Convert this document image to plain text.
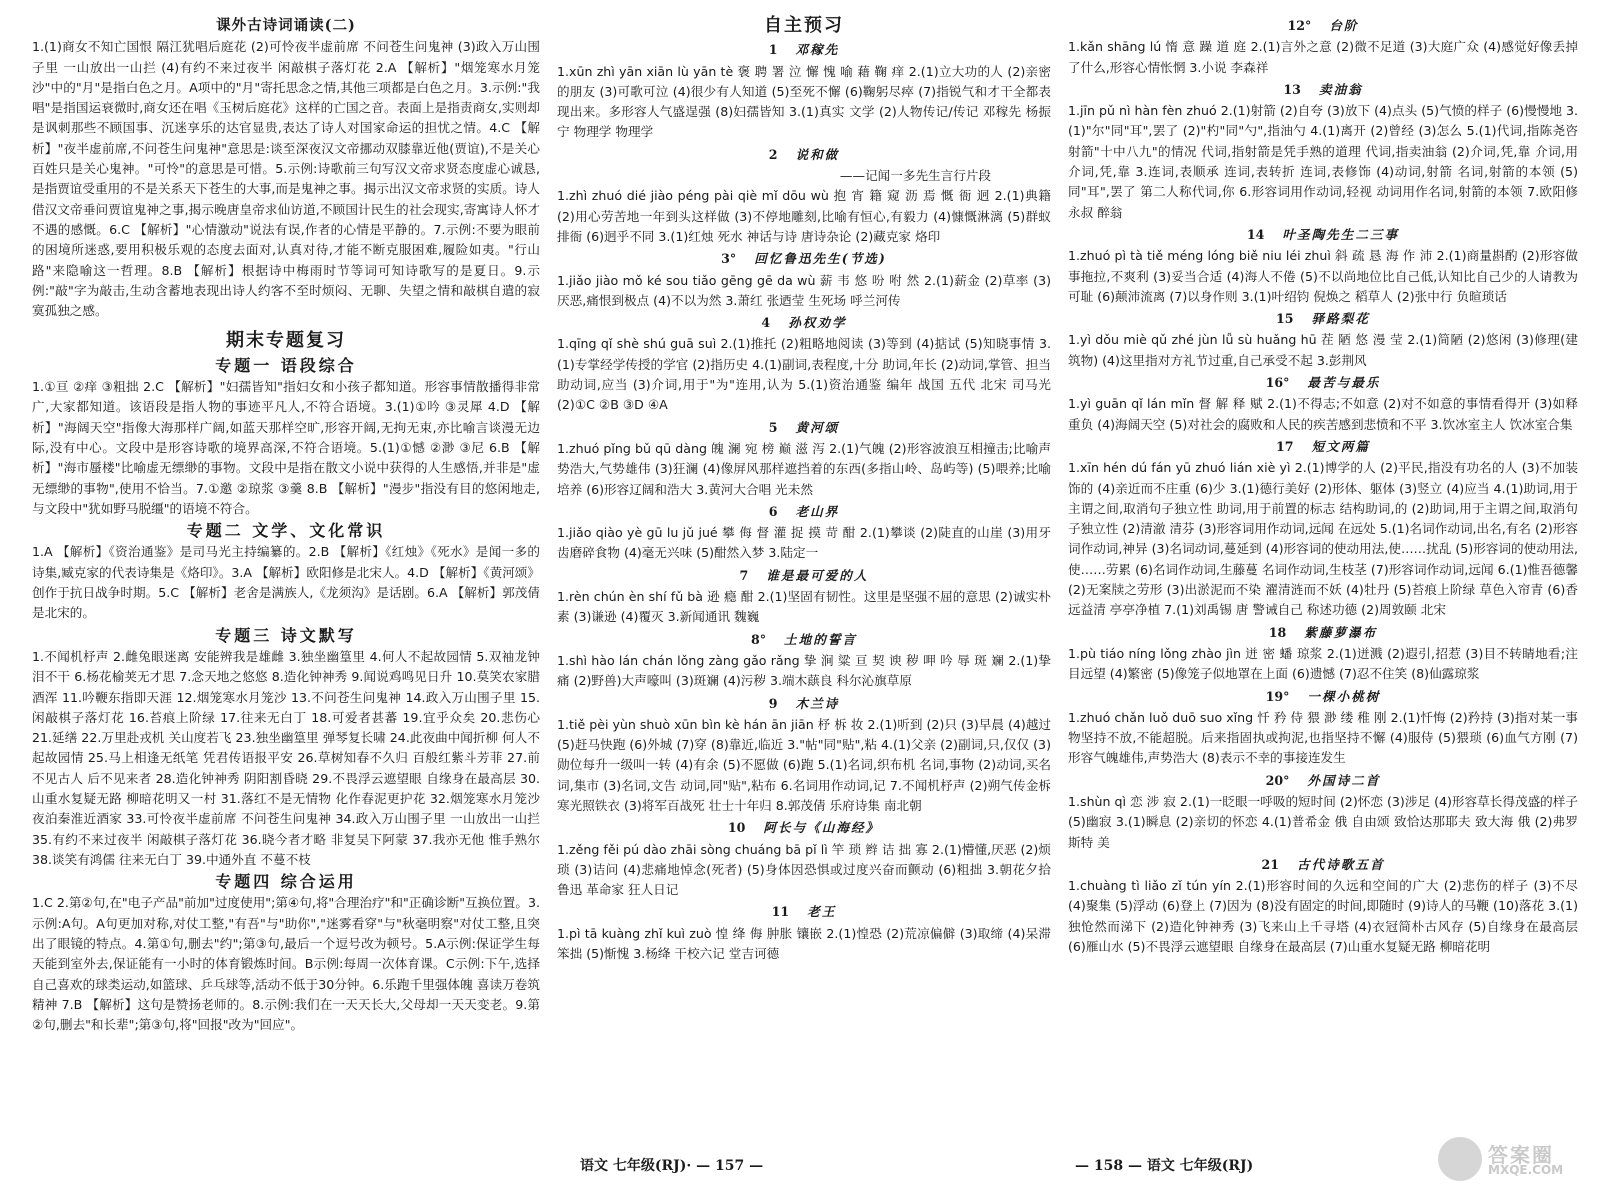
课外古诗词诵读(二)

1.(1)商女不知亡国恨 隔江犹唱后庭花 (2)可怜夜半虚前席 不问苍生问鬼神 (3)政入万山围子里 一山放出一山拦 (4)有约不来过夜半 闲敲棋子落灯花 2.A 【解析】"烟笼寒水月笼沙"中的"月"是指白色之月。A项中的"月"寄托思念之情,其他三项都是白色之月。3.示例:"我唱"是指国运衰微时,商女还在唱《玉树后庭花》这样的亡国之音。表面上是指责商女,实则却是讽刺那些不顾国事、沉迷享乐的达官显贵,表达了诗人对国家命运的担忧之情。4.C 【解析】"夜半虚前席,不问苍生问鬼神"意思是:谈至深夜汉文帝挪动双膝靠近他(贾谊),不是关心百姓只是关心鬼神。"可怜"的意思是可惜。5.示例:诗歌前三句写汉文帝求贤态度虚心诚恳,是指贾谊受重用的不是关系天下苍生的大事,而是鬼神之事。揭示出汉文帝求贤的实质。诗人借汉文帝垂问贾谊鬼神之事,揭示晚唐皇帝求仙访道,不顾国计民生的社会现实,寄寓诗人怀才不遇的感慨。6.C 【解析】"心情激动"说法有误,作者的心情是平静的。7.示例:不要为眼前的困境所迷惑,要用积极乐观的态度去面对,认真对待,才能不断克服困难,履险如夷。"行山路"来隐喻这一哲理。8.B 【解析】根据诗中梅雨时节等词可知诗歌写的是夏日。9.示例:"敲"字为敲击,生动含蓄地表现出诗人约客不至时烦闷、无聊、失望之情和敲棋自遣的寂寞孤独之感。

期末专题复习
专题一 语段综合

1.①亘 ②痒 ③粗拙 2.C 【解析】"妇孺皆知"指妇女和小孩子都知道。形容事情散播得非常广,大家都知道。该语段是指人物的事迹平凡人,不符合语境。3.(1)①吟 ③灵犀 4.D 【解析】"海阔天空"指像大海那样广阔,如蓝天那样空旷,形容开阔,无拘无束,亦比喻言谈漫无边际,没有中心。文段中是形容诗歌的境界高深,不符合语境。5.(1)①憾 ②渺 ③尼 6.B 【解析】"海市蜃楼"比喻虚无缥缈的事物。文段中是指在散文小说中获得的人生感悟,并非是"虚无缥缈的事物",使用不恰当。7.①邀 ②琼浆 ③羹 8.B 【解析】"漫步"指没有目的悠闲地走,与文段中"犹如野马脱缰"的语境不符合。

专题二 文学、文化常识

1.A 【解析】《资治通鉴》是司马光主持编纂的。2.B 【解析】《红烛》《死水》是闻一多的诗集,臧克家的代表诗集是《烙印》。3.A 【解析】欧阳修是北宋人。4.D 【解析】《黄河颂》创作于抗日战争时期。5.C 【解析】老舍是满族人,《龙须沟》是话剧。6.A 【解析】郭茂倩是北宋的。

专题三 诗文默写

1.不闻机杼声 2.雌兔眼迷离 安能辨我是雄雌 3.独坐幽篁里 4.何人不起故园情 5.双袖龙钟泪不干 6.杨花榆荚无才思 7.念天地之悠悠 8.造化钟神秀 9.闻说鸡鸣见日升 10.莫笑农家腊酒浑 11.吟鞭东指即天涯 12.烟笼寒水月笼沙 13.不问苍生问鬼神 14.政入万山围子里 15.闲敲棋子落灯花 16.苔痕上阶绿 17.往来无白丁 18.可爱者甚蕃 19.宜乎众矣 20.悲伤心 21.延缮 22.万里赴戎机 关山度若飞 23.独坐幽篁里 弹琴复长啸 24.此夜曲中闻折柳 何人不起故园情 25.马上相逢无纸笔 凭君传语报平安 26.草树知春不久归 百般红紫斗芳菲 27.前不见古人 后不见来者 28.造化钟神秀 阴阳割昏晓 29.不畏浮云遮望眼 自缘身在最高层 30.山重水复疑无路 柳暗花明又一村 31.落红不是无情物 化作春泥更护花 32.烟笼寒水月笼沙 夜泊秦淮近酒家 33.可怜夜半虚前席 不问苍生问鬼神 34.政入万山围子里 一山放出一山拦 35.有约不来过夜半 闲敲棋子落灯花 36.晓今者才略 非复吴下阿蒙 37.我亦无他 惟手熟尔 38.谈笑有鸿儒 往来无白丁 39.中通外直 不蔓不枝

专题四 综合运用

1.C 2.第②句,在"电子产品"前加"过度使用";第④句,将"合理治疗"和"正确诊断"互换位置。3.示例:A句。A句更加对称,对仗工整,"有吾"与"助你","迷雾看穿"与"秋毫明察"对仗工整,且突出了眼镜的特点。4.第①句,删去"约";第③句,最后一个逗号改为顿号。5.A示例:保证学生每天能到室外去,保证能有一小时的体育锻炼时间。B示例:每周一次体育课。C示例:下午,选择自己喜欢的球类运动,如篮球、乒乓球等,活动不低于30分钟。6.乐跑千里强体魄 喜读万卷筑精神 7.B 【解析】这句是赞扬老师的。8.示例:我们在一天天长大,父母却一天天变老。9.第②句,删去"和长辈";第③句,将"回报"改为"回应"。

自主预习
1 邓稼先

1.xūn zhì yān xiān lù yān tè 褒 聘 署 泣 懈 愧 喻 藉 鞠 痒 2.(1)立大功的人 (2)亲密的朋友 (3)可歌可泣 (4)很少有人知道 (5)至死不懈 (6)鞠躬尽瘁 (7)指锐气和才干全都表现出来。多形容人气盛逞强 (8)妇孺皆知 3.(1)真实 文学 (2)人物传记/传记 邓稼先 杨振宁 物理学 物理学

2 说和做
——记闻一多先生言行片段

1.zhì zhuó dié jiào péng pài qiè mǐ dōu wù 抱 宵 籍 窥 沥 焉 慨 衙 迥 2.(1)典籍 (2)用心劳苦地一年到头这样做 (3)不停地雕刻,比喻有恒心,有毅力 (4)慷慨淋漓 (5)群蚁排衙 (6)迥乎不同 3.(1)红烛 死水 神话与诗 唐诗杂论 (2)藏克家 烙印

3° 回忆鲁迅先生(节选)

1.jiǎo jiào mǒ ké sou tiǎo gēng gē da wù 薪 韦 悠 吩 咐 然 2.(1)薪金 (2)草率 (3)厌恶,痛恨到极点 (4)不以为然 3.萧红 张迺莹 生死场 呼兰河传

4 孙权劝学

1.qīng qǐ shè shú guā suì 2.(1)推托 (2)粗略地阅读 (3)等到 (4)掂试 (5)知晓事情 3.(1)专掌经学传授的学官 (2)指历史 4.(1)副词,表程度,十分 助词,年长 (2)动词,掌管、担当 助动词,应当 (3)介词,用于"为"连用,认为 5.(1)资治通鉴 编年 战国 五代 北宋 司马光 (2)①C ②B ③D ④A

5 黄河颂

1.zhuó pǐng bǔ qū dàng 魄 澜 宛 榜 巅 滋 泻 2.(1)气魄 (2)形容波浪互相撞击;比喻声势浩大,气势雄伟 (3)狂澜 (4)像屏风那样遮挡着的东西(多指山岭、岛屿等) (5)喂养;比喻培养 (6)形容辽阔和浩大 3.黄河大合唱 光未然

6 老山界

1.jiǎo qiào yè gū lu jǔ jué 攀 侮 督 灌 捉 摸 苛 酣 2.(1)攀谈 (2)陡直的山崖 (3)用牙齿磨碎食物 (4)毫无兴味 (5)酣然入梦 3.陆定一

7 谁是最可爱的人

1.rèn chún èn shí fǔ bà 逊 瘾 酣 2.(1)坚固有韧性。这里是坚强不屈的意思 (2)诚实朴素 (3)谦逊 (4)覆灭 3.新闻通讯 魏巍

8° 土地的誓言

1.shì hào lán chán lǒng zàng gǎo rǎng 挚 涧 粱 亘 契 谀 秽 呷 吟 辱 斑 斓 2.(1)挚痛 (2)野兽)大声嚎叫 (3)斑斓 (4)污秽 3.端木蕻良 科尔沁旗草原

9 木兰诗

1.tiě pèi yùn shuò xūn bìn kè hán ān jiān 杼 柝 妆 2.(1)听到 (2)只 (3)早晨 (4)越过 (5)赶马快跑 (6)外城 (7)穿 (8)靠近,临近 3."帖"同"贴",粘 4.(1)父亲 (2)副词,只,仅仅 (3)勋位每升一级叫一转 (4)有余 (5)不愿做 (6)跑 5.(1)名词,织布机 名词,事物 (2)动词,买名词,集市 (3)名词,文告 动词,同"贴",粘布 6.名词用作动词,记 7.不闻机杼声 (2)朔气传金柝 寒光照铁衣 (3)将军百战死 壮士十年归 8.郭茂倩 乐府诗集 南北朝

10 阿长与《山海经》

1.zěng fěi pú dào zhāi sòng chuáng bā pǐ lì 竿 琐 辫 诘 拙 寡 2.(1)懵懂,厌恶 (2)烦琐 (3)诘问 (4)悲痛地悼念(死者) (5)身体因恐惧或过度兴奋而颤动 (6)粗拙 3.朝花夕拾 鲁迅 革命家 狂人日记

11 老王

1.pì tā kuàng zhǐ kuì zuò 惶 绛 侮 肿胀 镶嵌 2.(1)惶恐 (2)荒凉偏僻 (3)取缔 (4)呆滞笨拙 (5)惭愧 3.杨绛 干校六记 堂吉诃德

12° 台阶

1.kǎn shāng lú 惰 意 躁 道 庭 2.(1)言外之意 (2)微不足道 (3)大庭广众 (4)感觉好像丢掉了什么,形容心情怅惘 3.小说 李森祥

13 卖油翁

1.jīn pǔ nì hàn fèn zhuó 2.(1)射箭 (2)自夸 (3)放下 (4)点头 (5)气愤的样子 (6)慢慢地 3.(1)"尔"同"耳",罢了 (2)"杓"同"勺",指油勺 4.(1)离开 (2)曾经 (3)怎么 5.(1)代词,指陈尧咨射箭"十中八九"的情况 代词,指射箭是凭手熟的道理 代词,指卖油翁 (2)介词,凭,靠 介词,用 介词,凭,靠 3.连词,表顺承 连词,表转折 连词,表修饰 (4)动词,射箭 名词,射箭的本领 (5)同"耳",罢了 第二人称代词,你 6.形容词用作动词,轻视 动词用作名词,射箭的本领 7.欧阳修 永叔 醉翁

14 叶圣陶先生二三事

1.zhuó pì tà tiě méng lóng biě niu léi zhuì 斜 疏 恳 海 作 沛 2.(1)商量斟酌 (2)形容做事拖拉,不爽利 (3)妥当合适 (4)海人不倦 (5)不以尚地位比自己低,认知比自己少的人请教为可耻 (6)颠沛流离 (7)以身作则 3.(1)叶绍钧 倪焕之 稻草人 (2)张中行 负暄琐话

15 驿路梨花

1.yì dǒu miè qǔ zhé jùn lǚ sù huǎng hū 茬 陋 悠 漫 莹 2.(1)简陋 (2)悠闲 (3)修理(建筑物) (4)这里指对方礼节过重,自己承受不起 3.彭荆风

16° 最苦与最乐

1.yì guān qǐ lán mǐn 督 解 释 赋 2.(1)不得志;不如意 (2)对不如意的事情看得开 (3)如释重负 (4)海阔天空 (5)对社会的腐败和人民的疾苦感到悲愤和不平 3.饮冰室主人 饮冰室合集

17 短文两篇

1.xīn hén dú fán yū zhuó lián xiè yì 2.(1)博学的人 (2)平民,指没有功名的人 (3)不加装饰的 (4)亲近而不庄重 (6)少 3.(1)德行美好 (2)形体、躯体 (3)竖立 (4)应当 4.(1)助词,用于主谓之间,取消句子独立性 助词,用于前置的标志 结构助词,的 (2)助词,用于主谓之间,取消句子独立性 (2)清澈 清芬 (3)形容词用作动词,远闻 在远处 5.(1)名词作动词,出名,有名 (2)形容词作动词,神异 (3)名词动词,蔓延到 (4)形容词的使动用法,使……扰乱 (5)形容词的使动用法,使……劳累 (6)名词作动词,生藤蔓 名词作动词,生枝茎 (7)形容词作动词,远闻 6.(1)惟吾德馨 (2)无案牍之劳形 (3)出淤泥而不染 濯清涟而不妖 (4)牡丹 (5)苔痕上阶绿 草色入帘青 (6)香远益清 亭亭净植 7.(1)刘禹锡 唐 警诫自己 称述功德 (2)周敦颐 北宋

18 紫藤萝瀑布

1.pù tiáo níng lǒng zhào jìn 迸 密 蟠 琼浆 2.(1)迸溅 (2)遐引,招惹 (3)目不转睛地看;注目远望 (4)繁密 (5)像笼子似地罩在上面 (6)遗憾 (7)忍不住笑 (8)仙露琼浆

19° 一棵小桃树

1.zhuó chǎn luǒ duō suo xǐng 忏 矜 侍 猥 渺 缕 稚 刚 2.(1)忏悔 (2)矜持 (3)指对某一事物坚持不放,不能超脱。后来指固执或拘泥,也指坚持不懈 (4)服侍 (5)猥琐 (6)血气方刚 (7)形容气魄雄伟,声势浩大 (8)表示不幸的事接连发生

20° 外国诗二首

1.shùn qì 恋 涉 寂 2.(1)一眨眼一呼吸的短时间 (2)怀恋 (3)涉足 (4)形容草长得茂盛的样子 (5)幽寂 3.(1)瞬息 (2)亲切的怀恋 4.(1)普希金 俄 自由颂 致恰达那耶夫 致大海 俄 (2)弗罗斯特 美

21 古代诗歌五首

1.chuàng tì liǎo zǐ tún yín 2.(1)形容时间的久远和空间的广大 (2)悲伤的样子 (3)不尽 (4)聚集 (5)浮动 (6)登上 (7)因为 (8)没有固定的时间,即随时 (9)诗人的马鞭 (10)落花 3.(1)独怆然而涕下 (2)造化钟神秀 (3)飞来山上千寻塔 (4)衣冠简朴古风存 (5)自缘身在最高层 (6)雁山水 (5)不畏浮云遮望眼 自缘身在最高层 (7)山重水复疑无路 柳暗花明

语文 七年级(RJ)· — 157 —	— 158 — 语文 七年级(RJ)	答案圈
MXQE.COM
